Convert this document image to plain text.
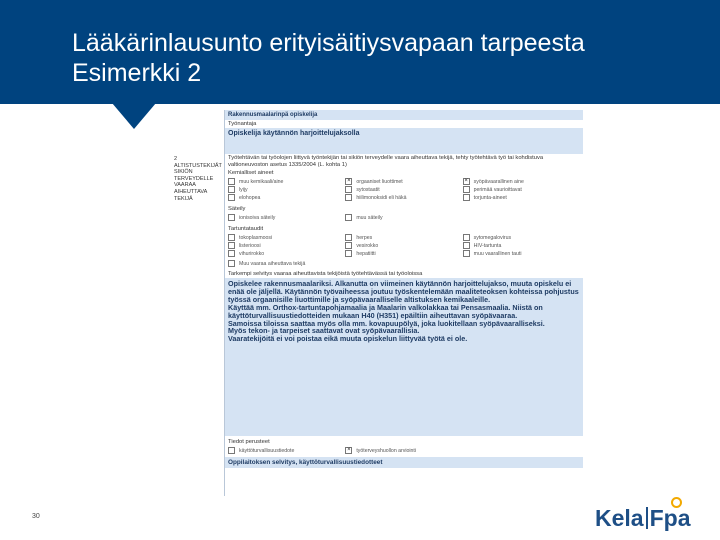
Lääkärinlausunto erityisäitiysvapaan tarpeesta
Esimerkki 2
2
ALTISTUSTEKIJÄT
SIKIÖN
TERVEYDELLE
VAARAA
AIHEUTTAVA
TEKIJÄ
Rakennusmaalarinpä opiskelija
Työnantaja
Opiskelija käytännön harjoittelujaksolla
Työtehtävän tai työolojen liittyvä työntekijän tai sikiön terveydelle vaara aiheuttava tekijä, tehty työtehtävä työ tai kohdistuva valtioneuvoston asetus 1335/2004 (L. kohta 1)
Kemialliset aineet
muu kemikaali/aine	×	orgaaniset liuottimet	×	syöpävaarallinen aine
lyijy	sytostaatit	perimää vaurioittavat
elohopea	hiilimonoksidi eli häkä	torjunta-aineet
Säteily
ionisoiva säteily	muu säteily
Tartuntataudit
tokoplasmoosi	herpes	sytomegalovirus
listerioosi	vesirokko	HIV-tartunta
vihurirokko	hepatiitti	muu vaarallinen tauti
Muu vaaraa aiheuttava tekijä
Tarkempi selvitys vaaraa aiheuttavista tekijöistä työtehtävässä tai työoloissa
Opiskelee rakennusmaalariksi. Alkanutta on viimeinen käytännön harjoittelujakso, muuta opiskelu ei enää ole jäljellä. Käytännön työvaiheessa joutuu työskentelemään maaliteteoksen kohteissa pohjustus työssä orgaanisille liuottimille ja syöpävaaralliselle altistuksen kemikaaleille.
Käyttää mm. Orthox-tartuntapohjamaalia ja Maalarin valkolakkaa tai Pensasmaalia. Niistä on käyttöturvallisuustiedotteiden mukaan H40 (H351) epäiltiin aiheuttavan syöpävaaraa.
Samoissa tiloissa saattaa myös olla mm. kovapuupölyä, joka luokitellaan syöpävaaralliseksi.
Myös tekon- ja tarpeiset saattavat ovat syöpävaarallisia.
Vaaratekijöitä ei voi poistaa eikä muuta opiskelun liittyvää työtä ei ole.
Tiedot perusteet
käyttöturvallisuustiedote	×	työterveyshuollon arviointi
Oppilaitoksen selvitys, käyttöturvallisuustiedotteet
30	Kela Fpa
